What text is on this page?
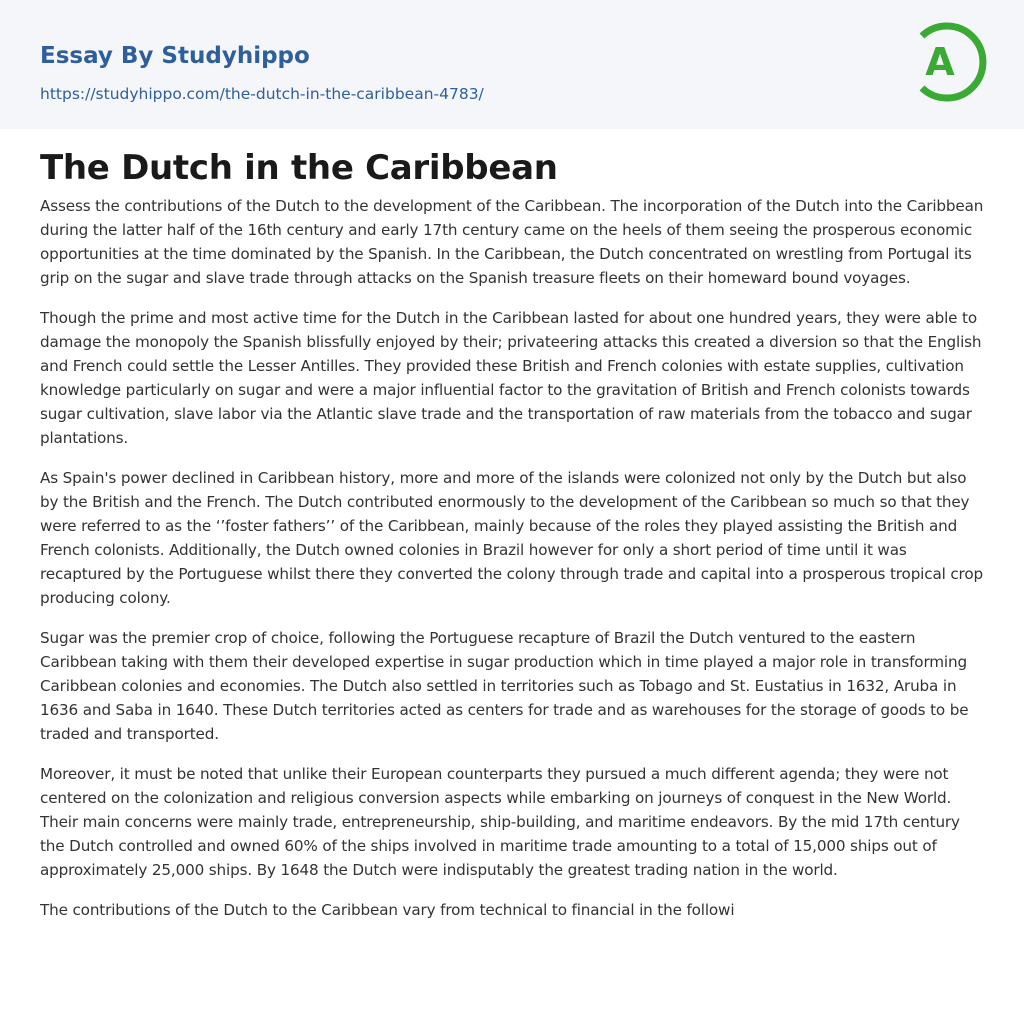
Essay By Studyhippo
https://studyhippo.com/the-dutch-in-the-caribbean-4783/
A
The Dutch in the Caribbean

Assess the contributions of the Dutch to the development of the Caribbean. The incorporation of the Dutch into the Caribbean during the latter half of the 16th century and early 17th century came on the heels of them seeing the prosperous economic opportunities at the time dominated by the Spanish. In the Caribbean, the Dutch concentrated on wrestling from Portugal its grip on the sugar and slave trade through attacks on the Spanish treasure fleets on their homeward bound voyages.

Though the prime and most active time for the Dutch in the Caribbean lasted for about one hundred years, they were able to damage the monopoly the Spanish blissfully enjoyed by their; privateering attacks this created a diversion so that the English and French could settle the Lesser Antilles. They provided these British and French colonies with estate supplies, cultivation knowledge particularly on sugar and were a major influential factor to the gravitation of British and French colonists towards sugar cultivation, slave labor via the Atlantic slave trade and the transportation of raw materials from the tobacco and sugar plantations.

As Spain's power declined in Caribbean history, more and more of the islands were colonized not only by the Dutch but also by the British and the French. The Dutch contributed enormously to the development of the Caribbean so much so that they were referred to as the ‘’foster fathers’’ of the Caribbean, mainly because of the roles they played assisting the British and French colonists. Additionally, the Dutch owned colonies in Brazil however for only a short period of time until it was recaptured by the Portuguese whilst there they converted the colony through trade and capital into a prosperous tropical crop producing colony.

Sugar was the premier crop of choice, following the Portuguese recapture of Brazil the Dutch ventured to the eastern Caribbean taking with them their developed expertise in sugar production which in time played a major role in transforming Caribbean colonies and economies. The Dutch also settled in territories such as Tobago and St. Eustatius in 1632, Aruba in 1636 and Saba in 1640. These Dutch territories acted as centers for trade and as warehouses for the storage of goods to be traded and transported.

Moreover, it must be noted that unlike their European counterparts they pursued a much different agenda; they were not centered on the colonization and religious conversion aspects while embarking on journeys of conquest in the New World. Their main concerns were mainly trade, entrepreneurship, ship-building, and maritime endeavors. By the mid 17th century the Dutch controlled and owned 60% of the ships involved in maritime trade amounting to a total of 15,000 ships out of approximately 25,000 ships. By 1648 the Dutch were indisputably the greatest trading nation in the world.

The contributions of the Dutch to the Caribbean vary from technical to financial in the followi
